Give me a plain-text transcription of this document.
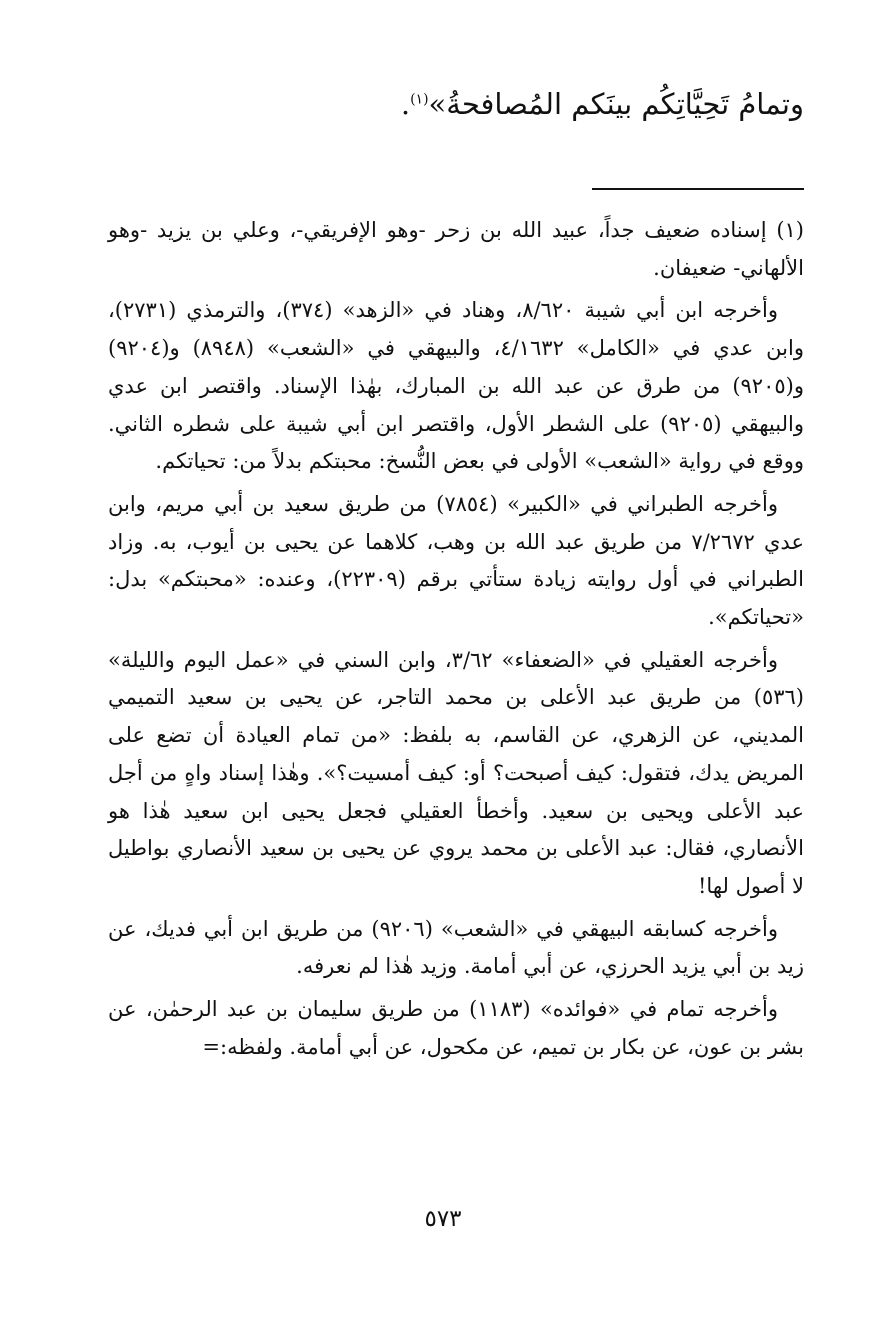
وتمامُ تَحِيَّاتِكُم بينَكم المُصافحةُ»$^{(١)}$.

(١) إسناده ضعيف جداً، عبيد الله بن زحر -وهو الإفريقي-، وعلي بن يزيد -وهو الألهاني- ضعيفان.

وأخرجه ابن أبي شيبة ٨/٦٢٠، وهناد في «الزهد» (٣٧٤)، والترمذي (٢٧٣١)، وابن عدي في «الكامل» ٤/١٦٣٢، والبيهقي في «الشعب» (٨٩٤٨) و(٩٢٠٤) و(٩٢٠٥) من طرق عن عبد الله بن المبارك، بهٰذا الإسناد. واقتصر ابن عدي والبيهقي (٩٢٠٥) على الشطر الأول، واقتصر ابن أبي شيبة على شطره الثاني. ووقع في رواية «الشعب» الأولى في بعض النُّسخ: محبتكم بدلاً من: تحياتكم.

وأخرجه الطبراني في «الكبير» (٧٨٥٤) من طريق سعيد بن أبي مريم، وابن عدي ٧/٢٦٧٢ من طريق عبد الله بن وهب، كلاهما عن يحيى بن أيوب، به. وزاد الطبراني في أول روايته زيادة ستأتي برقم (٢٢٣٠٩)، وعنده: «محبتكم» بدل: «تحياتكم».

وأخرجه العقيلي في «الضعفاء» ٣/٦٢، وابن السني في «عمل اليوم والليلة» (٥٣٦) من طريق عبد الأعلى بن محمد التاجر، عن يحيى بن سعيد التميمي المديني، عن الزهري، عن القاسم، به بلفظ: «من تمام العيادة أن تضع على المريض يدك، فتقول: كيف أصبحت؟ أو: كيف أمسيت؟». وهٰذا إسناد واهٍ من أجل عبد الأعلى ويحيى بن سعيد. وأخطأ العقيلي فجعل يحيى ابن سعيد هٰذا هو الأنصاري، فقال: عبد الأعلى بن محمد يروي عن يحيى بن سعيد الأنصاري بواطيل لا أصول لها!

وأخرجه كسابقه البيهقي في «الشعب» (٩٢٠٦) من طريق ابن أبي فديك، عن زيد بن أبي يزيد الحرزي، عن أبي أمامة. وزيد هٰذا لم نعرفه.

وأخرجه تمام في «فوائده» (١١٨٣) من طريق سليمان بن عبد الرحمٰن، عن بشر بن عون، عن بكار بن تميم، عن مكحول، عن أبي أمامة. ولفظه:=

٥٧٣
